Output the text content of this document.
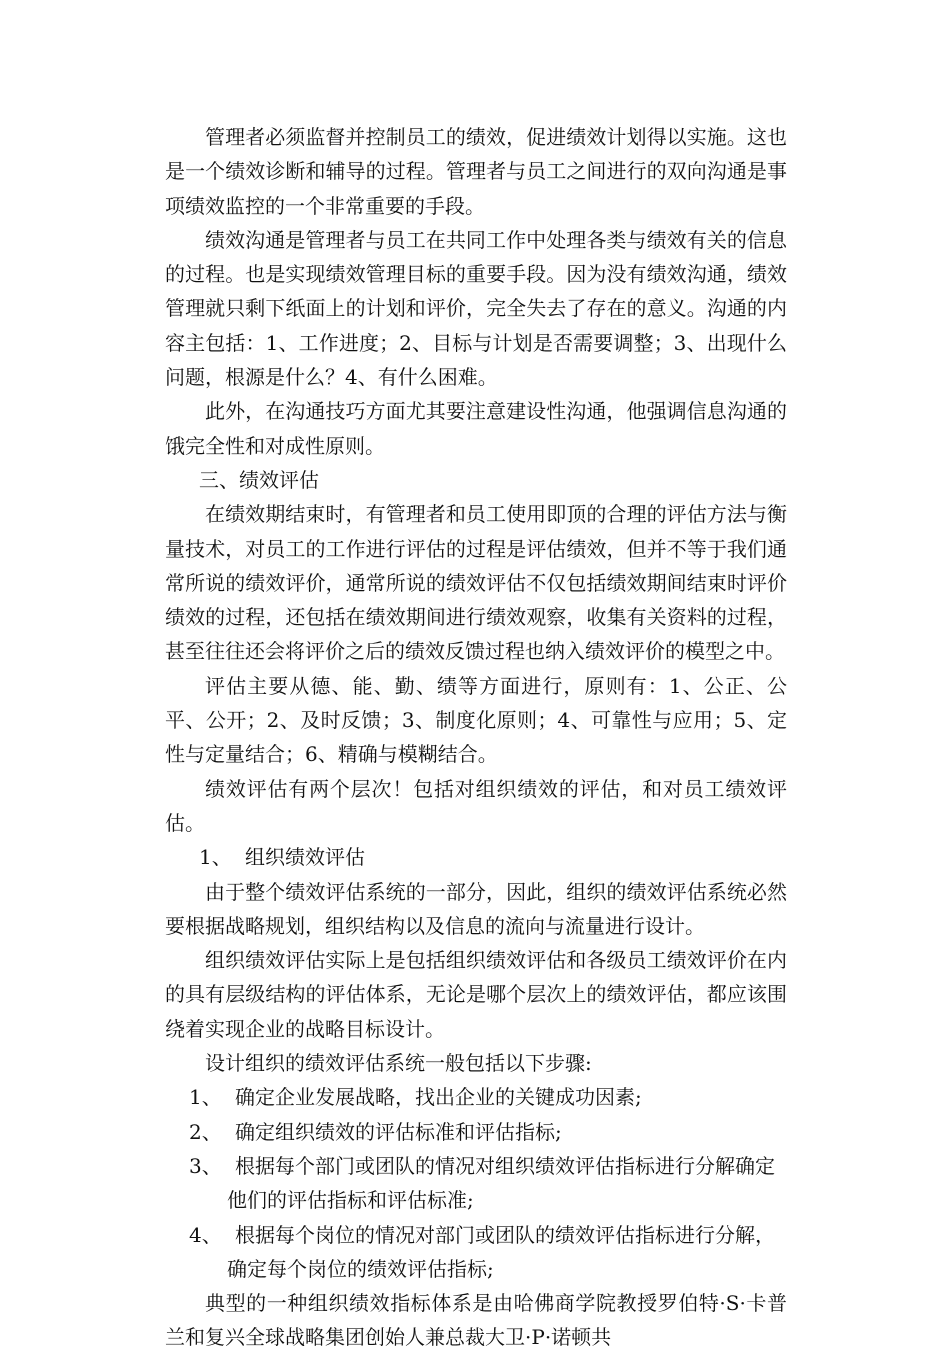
管理者必须监督并控制员工的绩效，促进绩效计划得以实施。这也是一个绩效诊断和辅导的过程。管理者与员工之间进行的双向沟通是事项绩效监控的一个非常重要的手段。

绩效沟通是管理者与员工在共同工作中处理各类与绩效有关的信息的过程。也是实现绩效管理目标的重要手段。因为没有绩效沟通，绩效管理就只剩下纸面上的计划和评价，完全失去了存在的意义。沟通的内容主包括：1、工作进度；2、目标与计划是否需要调整；3、出现什么问题，根源是什么？4、有什么困难。

此外，在沟通技巧方面尤其要注意建设性沟通，他强调信息沟通的饿完全性和对成性原则。

三、绩效评估

在绩效期结束时，有管理者和员工使用即顶的合理的评估方法与衡量技术，对员工的工作进行评估的过程是评估绩效，但并不等于我们通常所说的绩效评价，通常所说的绩效评估不仅包括绩效期间结束时评价绩效的过程，还包括在绩效期间进行绩效观察，收集有关资料的过程，甚至往往还会将评价之后的绩效反馈过程也纳入绩效评价的模型之中。

评估主要从德、能、勤、绩等方面进行，原则有：1、公正、公平、公开；2、及时反馈；3、制度化原则；4、可靠性与应用；5、定性与定量结合；6、精确与模糊结合。

绩效评估有两个层次！包括对组织绩效的评估，和对员工绩效评估。

1、 组织绩效评估

由于整个绩效评估系统的一部分，因此，组织的绩效评估系统必然要根据战略规划，组织结构以及信息的流向与流量进行设计。

组织绩效评估实际上是包括组织绩效评估和各级员工绩效评价在内的具有层级结构的评估体系，无论是哪个层次上的绩效评估，都应该围绕着实现企业的战略目标设计。

设计组织的绩效评估系统一般包括以下步骤:

1、 确定企业发展战略，找出企业的关键成功因素;

2、 确定组织绩效的评估标准和评估指标;

3、 根据每个部门或团队的情况对组织绩效评估指标进行分解确定他们的评估指标和评估标准;

4、 根据每个岗位的情况对部门或团队的绩效评估指标进行分解，确定每个岗位的绩效评估指标;

典型的一种组织绩效指标体系是由哈佛商学院教授罗伯特·S·卡普兰和复兴全球战略集团创始人兼总裁大卫·P·诺顿共
